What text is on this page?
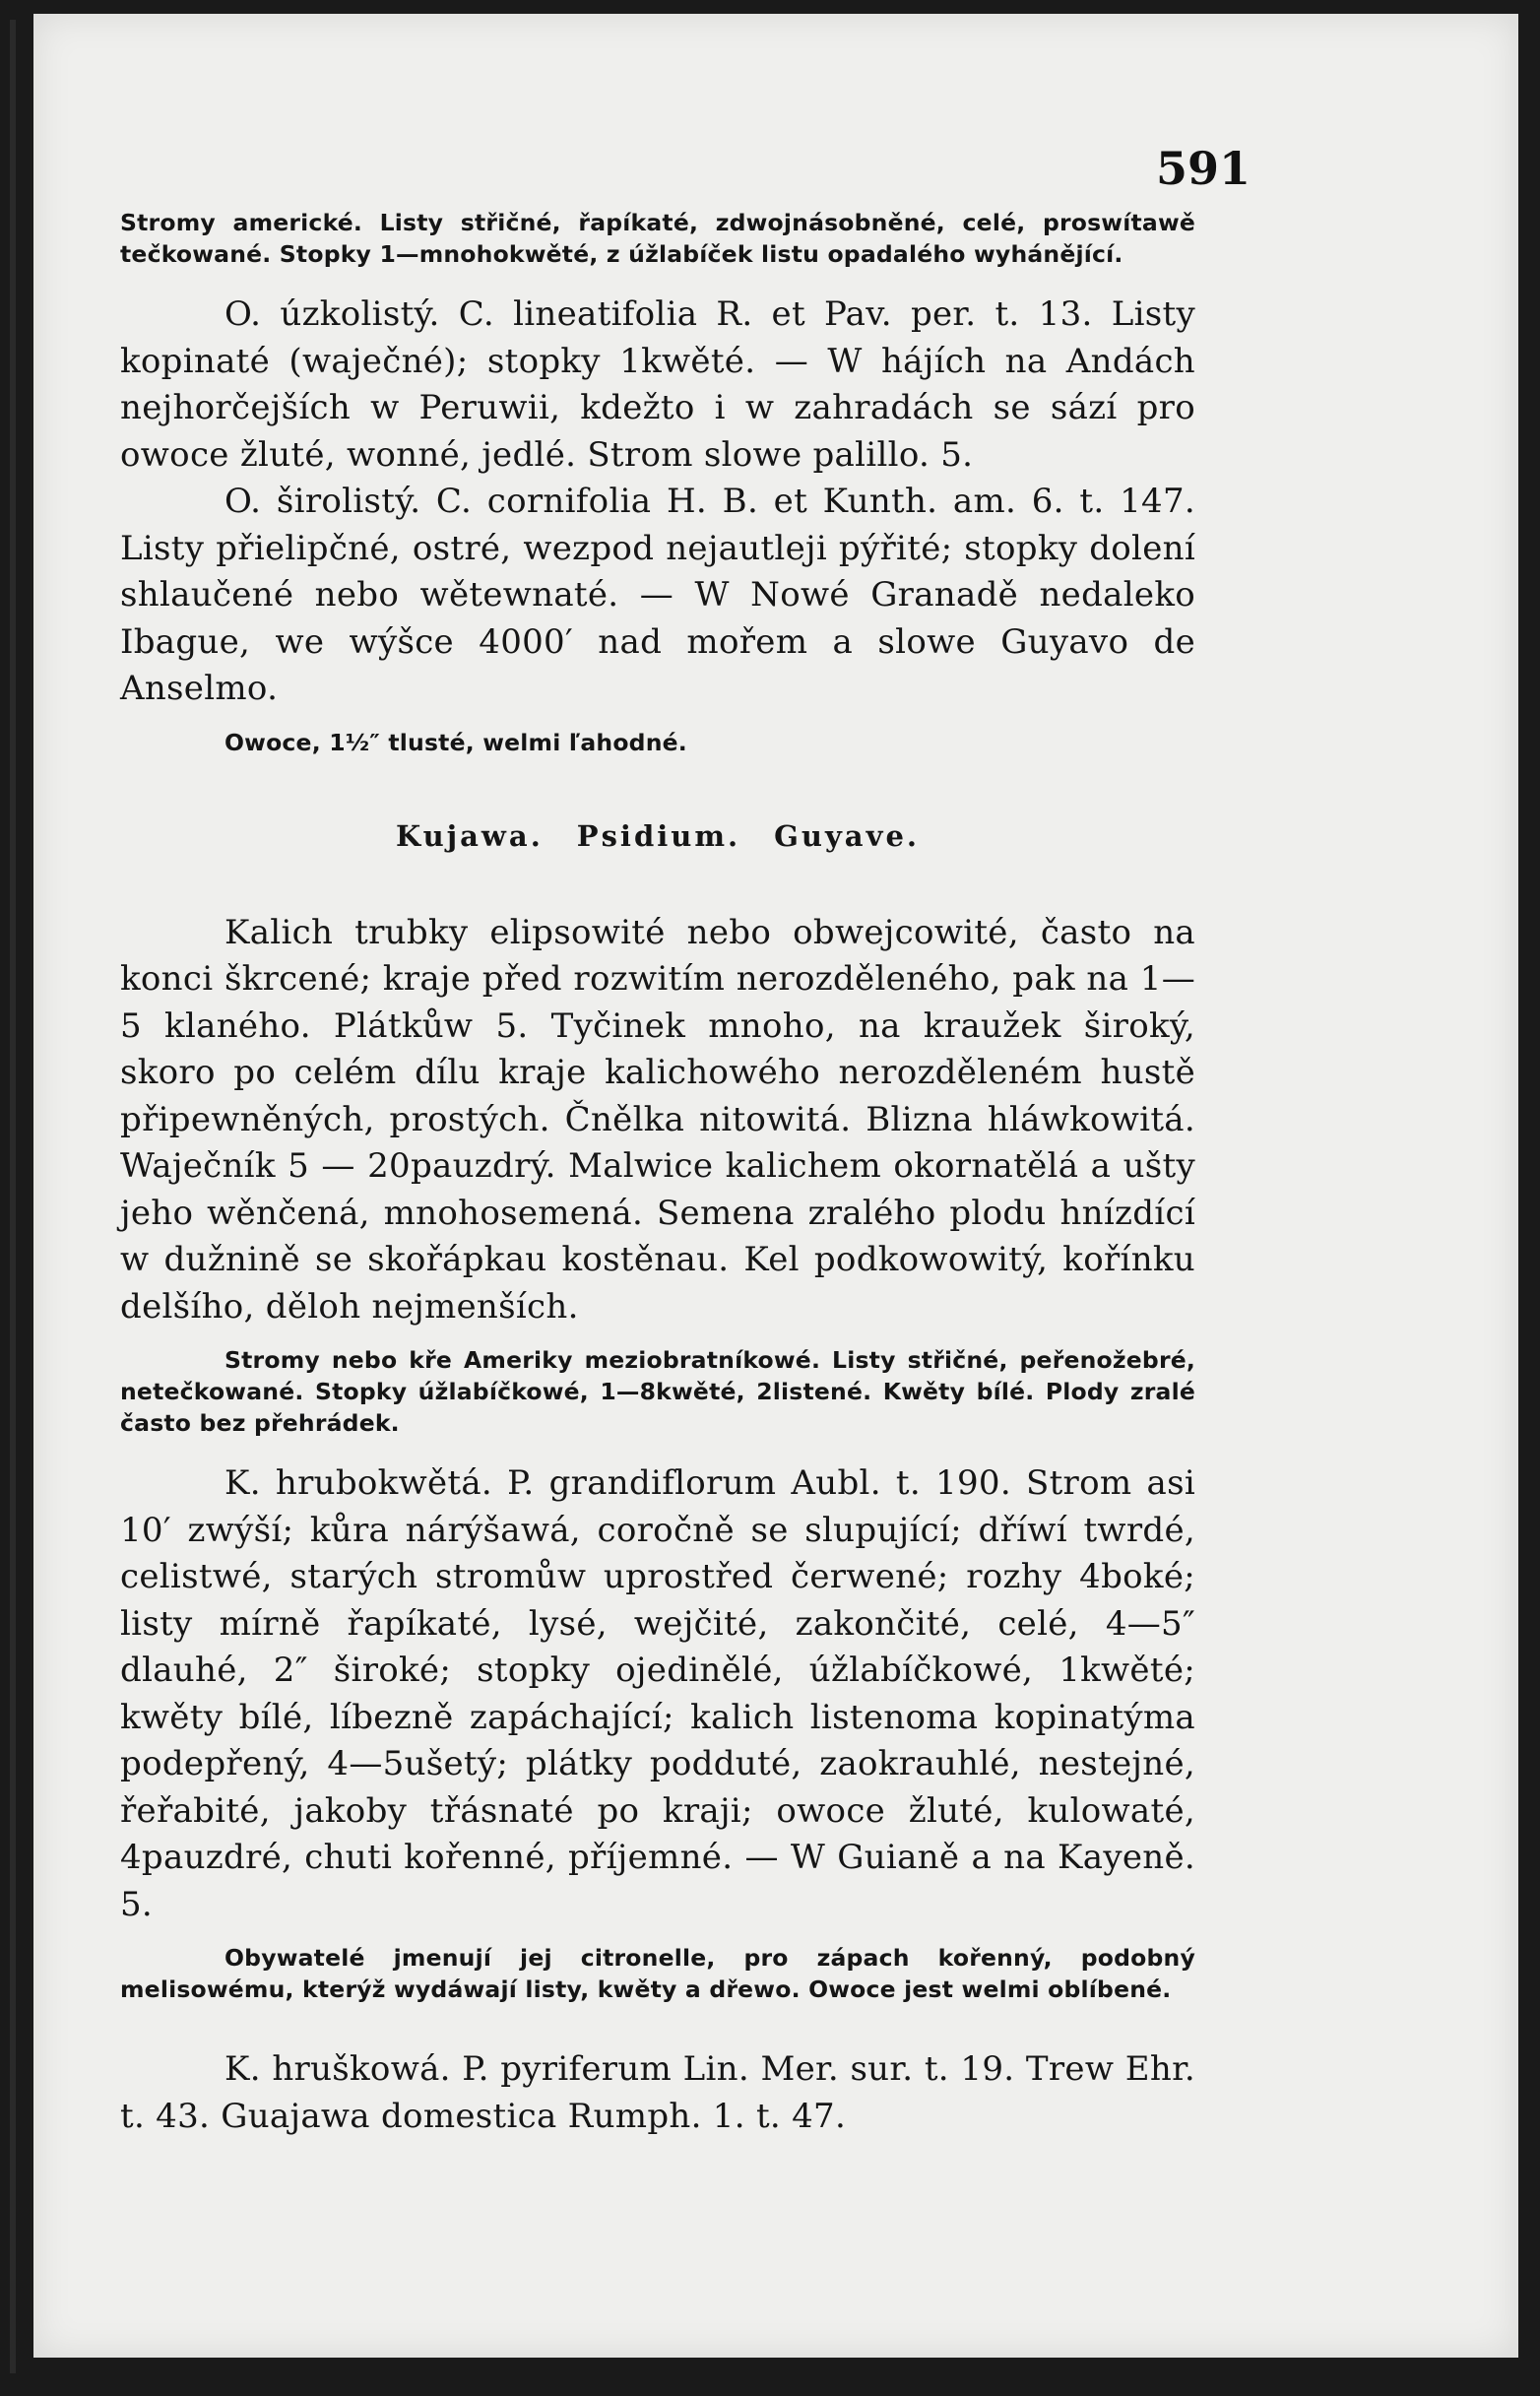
591

Stromy americké. Listy střičné, řapíkaté, zdwojnásobněné, celé, proswítawě tečkowané. Stopky 1—mnohokwěté, z úžlabíček listu opadalého wyhánějící.

O. úzkolistý. C. lineatifolia R. et Pav. per. t. 13. Listy kopinaté (waječné); stopky 1kwěté. — W hájích na Andách nejhorčejších w Peruwii, kdežto i w zahradách se sází pro owoce žluté, wonné, jedlé. Strom slowe palillo. 5.

O. širolistý. C. cornifolia H. B. et Kunth. am. 6. t. 147. Listy přielipčné, ostré, wezpod nejautleji pýřité; stopky dolení shlaučené nebo wětewnaté. — W Nowé Granadě nedaleko Ibague, we wýšce 4000′ nad mořem a slowe Guyavo de Anselmo.

Owoce, 1½″ tlusté, welmi ľahodné.

Kujawa. Psidium. Guyave.

Kalich trubky elipsowité nebo obwejcowité, často na konci škrcené; kraje před rozwitím nerozděleného, pak na 1—5 klaného. Plátkůw 5. Tyčinek mnoho, na kraužek široký, skoro po celém dílu kraje kalichowého nerozděleném hustě připewněných, prostých. Čnělka nitowitá. Blizna hláwkowitá. Waječník 5 — 20pauzdrý. Malwice kalichem okornatělá a ušty jeho wěnčená, mnohosemená. Semena zralého plodu hnízdící w dužnině se skořápkau kostěnau. Kel podkowowitý, kořínku delšího, děloh nejmenších.

Stromy nebo kře Ameriky meziobratníkowé. Listy střičné, peřenožebré, netečkowané. Stopky úžlabíčkowé, 1—8kwěté, 2listené. Kwěty bílé. Plody zralé často bez přehrádek.

K. hrubokwětá. P. grandiflorum Aubl. t. 190. Strom asi 10′ zwýší; kůra nárýšawá, coročně se slupující; dříwí twrdé, celistwé, starých stromůw uprostřed čerwené; rozhy 4boké; listy mírně řapíkaté, lysé, wejčité, zakončité, celé, 4—5″ dlauhé, 2″ široké; stopky ojedinělé, úžlabíčkowé, 1kwěté; kwěty bílé, líbezně zapáchající; kalich listenoma kopinatýma podepřený, 4—5ušetý; plátky podduté, zaokrauhlé, nestejné, řeřabité, jakoby třásnaté po kraji; owoce žluté, kulowaté, 4pauzdré, chuti kořenné, příjemné. — W Guianě a na Kayeně. 5.

Obywatelé jmenují jej citronelle, pro zápach kořenný, podobný melisowému, kterýž wydáwají listy, kwěty a dřewo. Owoce jest welmi oblíbené.

K. hruškowá. P. pyriferum Lin. Mer. sur. t. 19. Trew Ehr. t. 43. Guajawa domestica Rumph. 1. t. 47.
